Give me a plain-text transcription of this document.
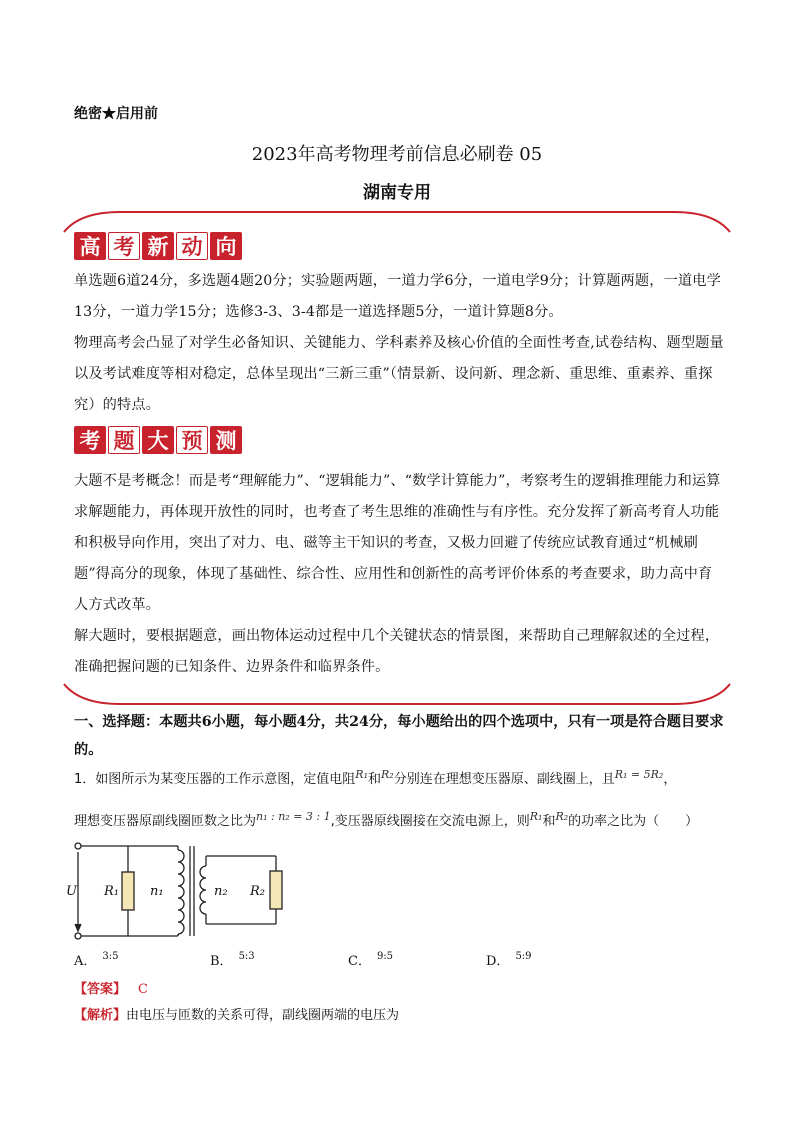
绝密★启用前
2023年高考物理考前信息必刷卷 05
湖南专用
高 考 新 动 向

单选题6道24分，多选题4题20分；实验题两题，一道力学6分，一道电学9分；计算题两题，一道电学13分，一道力学15分；选修3-3、3-4都是一道选择题5分，一道计算题8分。

物理高考会凸显了对学生必备知识、关键能力、学科素养及核心价值的全面性考查,试卷结构、题型题量以及考试难度等相对稳定，总体呈现出“三新三重”（情景新、设问新、理念新、重思维、重素养、重探究）的特点。

考 题 大 预 测

大题不是考概念！而是考“理解能力”、“逻辑能力”、“数学计算能力”，考察考生的逻辑推理能力和运算求解题能力，再体现开放性的同时，也考查了考生思维的准确性与有序性。充分发挥了新高考育人功能和积极导向作用，突出了对力、电、磁等主干知识的考查，又极力回避了传统应试教育通过“机械刷题”得高分的现象，体现了基础性、综合性、应用性和创新性的高考评价体系的考查要求，助力高中育人方式改革。

解大题时，要根据题意，画出物体运动过程中几个关键状态的情景图，来帮助自己理解叙述的全过程，准确把握问题的已知条件、边界条件和临界条件。

一、选择题：本题共6小题，每小题4分，共24分，每小题给出的四个选项中，只有一项是符合题目要求的。
1．如图所示为某变压器的工作示意图，定值电阻$^{R_1}$和$^{R_2}$分别连在理想变压器原、副线圈上，且$^{R_1 = 5R_2}$，
理想变压器原副线圈匝数之比为$^{n_1 : n_2 = 3 : 1}$,变压器原线圈接在交流电源上，则$^{R_1}$和$^{R_2}$的功率之比为（　　）
U R₁ n₁	n₂ R₂
A． $^{3:5}$	B． $^{5:3}$	C． $^{9:5}$	D． $^{5:9}$
【答案】 C
【解析】由电压与匝数的关系可得，副线圈两端的电压为
